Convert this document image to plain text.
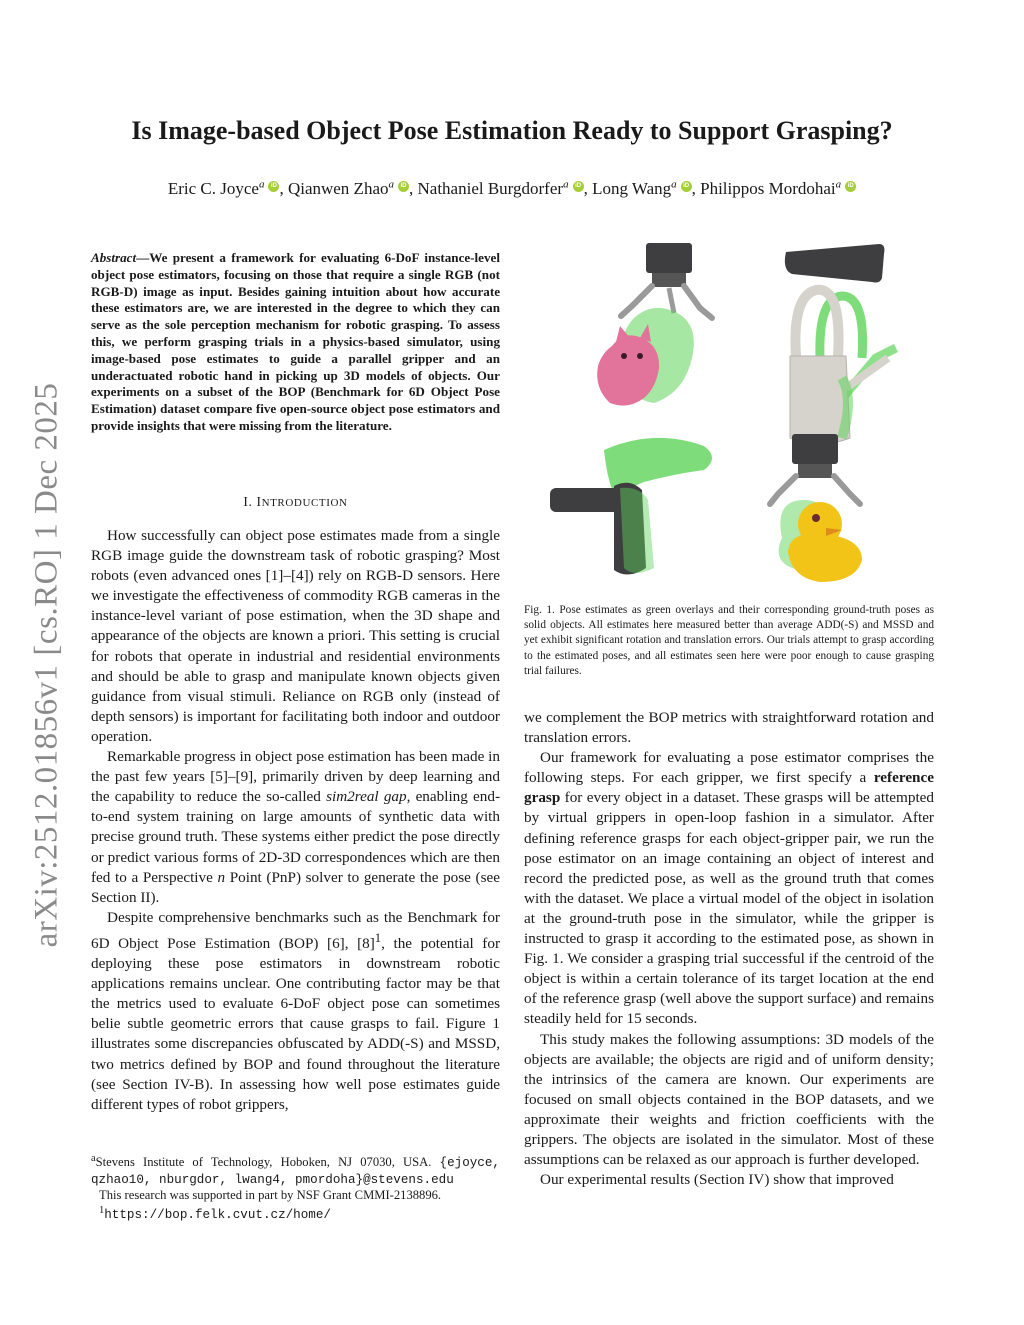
arXiv:2512.01856v1 [cs.RO] 1 Dec 2025
Is Image-based Object Pose Estimation Ready to Support Grasping?
Eric C. Joyce$^a$ iD , Qianwen Zhao$^a$ iD , Nathaniel Burgdorfer$^a$ iD , Long Wang$^a$ iD , Philippos Mordohai$^a$iD
Abstract—We present a framework for evaluating 6-DoF instance-level object pose estimators, focusing on those that require a single RGB (not RGB-D) image as input. Besides gaining intuition about how accurate these estimators are, we are interested in the degree to which they can serve as the sole perception mechanism for robotic grasping. To assess this, we perform grasping trials in a physics-based simulator, using image-based pose estimates to guide a parallel gripper and an underactuated robotic hand in picking up 3D models of objects. Our experiments on a subset of the BOP (Benchmark for 6D Object Pose Estimation) dataset compare five open-source object pose estimators and provide insights that were missing from the literature.
I. INTRODUCTION

How successfully can object pose estimates made from a single RGB image guide the downstream task of robotic grasping? Most robots (even advanced ones [1]–[4]) rely on RGB-D sensors. Here we investigate the effectiveness of commodity RGB cameras in the instance-level variant of pose estimation, when the 3D shape and appearance of the objects are known a priori. This setting is crucial for robots that operate in industrial and residential environments and should be able to grasp and manipulate known objects given guidance from visual stimuli. Reliance on RGB only (instead of depth sensors) is important for facilitating both indoor and outdoor operation.

Remarkable progress in object pose estimation has been made in the past few years [5]–[9], primarily driven by deep learning and the capability to reduce the so-called sim2real gap, enabling end-to-end system training on large amounts of synthetic data with precise ground truth. These systems either predict the pose directly or predict various forms of 2D-3D correspondences which are then fed to a Perspective n Point (PnP) solver to generate the pose (see Section II).

Despite comprehensive benchmarks such as the Benchmark for 6D Object Pose Estimation (BOP) [6], $[8]^1$, the potential for deploying these pose estimators in downstream robotic applications remains unclear. One contributing factor may be that the metrics used to evaluate 6-DoF object pose can sometimes belie subtle geometric errors that cause grasps to fail. Figure 1 illustrates some discrepancies obfuscated by ADD(-S) and MSSD, two metrics defined by BOP and found throughout the literature (see Section IV-B). In assessing how well pose estimates guide different types of robot grippers,

$^a$Stevens Institute of Technology, Hoboken, NJ 07030, USA. {ejoyce, qzhao10, nburgdor, lwang4, pmordoha}@stevens.edu

This research was supported in part by NSF Grant CMMI-2138896.

$^1$https://bop.felk.cvut.cz/home/

Fig. 1. Pose estimates as green overlays and their corresponding ground-truth poses as solid objects. All estimates here measured better than average ADD(-S) and MSSD and yet exhibit significant rotation and translation errors. Our trials attempt to grasp according to the estimated poses, and all estimates seen here were poor enough to cause grasping trial failures.

we complement the BOP metrics with straightforward rotation and translation errors.

Our framework for evaluating a pose estimator comprises the following steps. For each gripper, we first specify a reference grasp for every object in a dataset. These grasps will be attempted by virtual grippers in open-loop fashion in a simulator. After defining reference grasps for each object-gripper pair, we run the pose estimator on an image containing an object of interest and record the predicted pose, as well as the ground truth that comes with the dataset. We place a virtual model of the object in isolation at the ground-truth pose in the simulator, while the gripper is instructed to grasp it according to the estimated pose, as shown in Fig. 1. We consider a grasping trial successful if the centroid of the object is within a certain tolerance of its target location at the end of the reference grasp (well above the support surface) and remains steadily held for 15 seconds.

This study makes the following assumptions: 3D models of the objects are available; the objects are rigid and of uniform density; the intrinsics of the camera are known. Our experiments are focused on small objects contained in the BOP datasets, and we approximate their weights and friction coefficients with the grippers. The objects are isolated in the simulator. Most of these assumptions can be relaxed as our approach is further developed.

Our experimental results (Section IV) show that improved
